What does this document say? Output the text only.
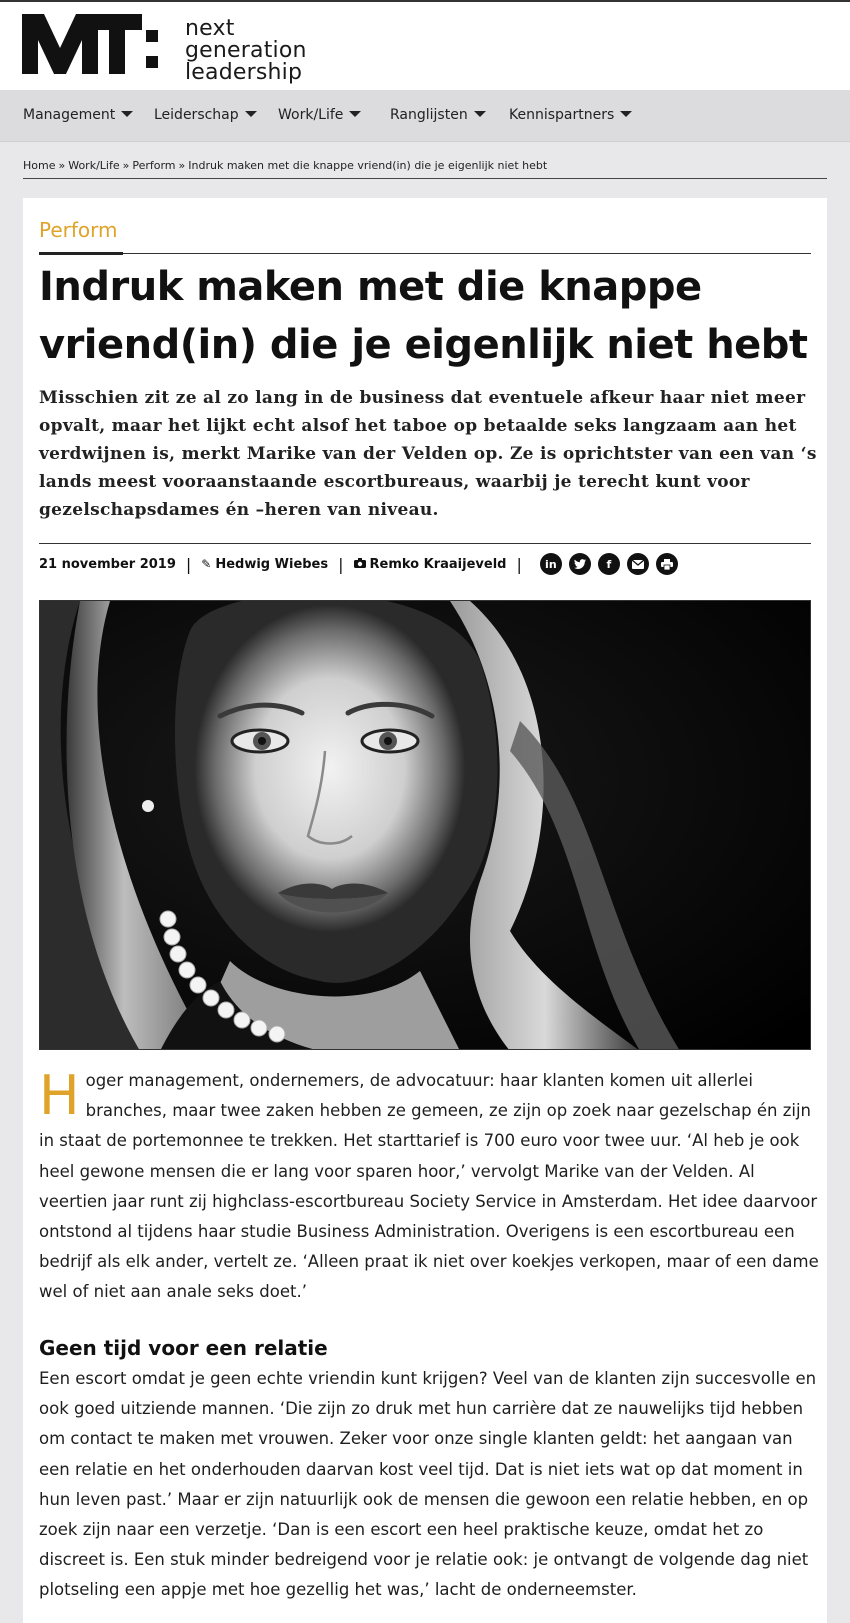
next
generation
leadership
Management	Leiderschap	Work/Life	Ranglijsten	Kennispartners
Home » Work/Life » Perform » Indruk maken met die knappe vriend(in) die je eigenlijk niet hebt
Perform
Indruk maken met die knappe
vriend(in) die je eigenlijk niet hebt

Misschien zit ze al zo lang in de business dat eventuele afkeur haar niet meer opvalt, maar het lijkt echt alsof het taboe op betaalde seks langzaam aan het verdwijnen is, merkt Marike van der Velden op. Ze is oprichtster van een van ‘s lands meest vooraanstaande escortbureaus, waarbij je terecht kunt voor gezelschapsdames én –heren van niveau.

21 november 2019 | ✎ Hedwig Wiebes | Remko Kraaijeveld |	in	f
Hoger management, ondernemers, de advocatuur: haar klanten komen uit allerlei branches, maar twee zaken hebben ze gemeen, ze zijn op zoek naar gezelschap én zijn in staat de portemonnee te trekken. Het starttarief is 700 euro voor twee uur. ‘Al heb je ook heel gewone mensen die er lang voor sparen hoor,’ vervolgt Marike van der Velden. Al veertien jaar runt zij highclass-escortbureau Society Service in Amsterdam. Het idee daarvoor ontstond al tijdens haar studie Business Administration. Overigens is een escortbureau een bedrijf als elk ander, vertelt ze. ‘Alleen praat ik niet over koekjes verkopen, maar of een dame wel of niet aan anale seks doet.’
Geen tijd voor een relatie

Een escort omdat je geen echte vriendin kunt krijgen? Veel van de klanten zijn succesvolle en ook goed uitziende mannen. ‘Die zijn zo druk met hun carrière dat ze nauwelijks tijd hebben om contact te maken met vrouwen. Zeker voor onze single klanten geldt: het aangaan van een relatie en het onderhouden daarvan kost veel tijd. Dat is niet iets wat op dat moment in hun leven past.’ Maar er zijn natuurlijk ook de mensen die gewoon een relatie hebben, en op zoek zijn naar een verzetje. ‘Dan is een escort een heel praktische keuze, omdat het zo discreet is. Een stuk minder bedreigend voor je relatie ook: je ontvangt de volgende dag niet plotseling een appje met hoe gezellig het was,’ lacht de onderneemster.
